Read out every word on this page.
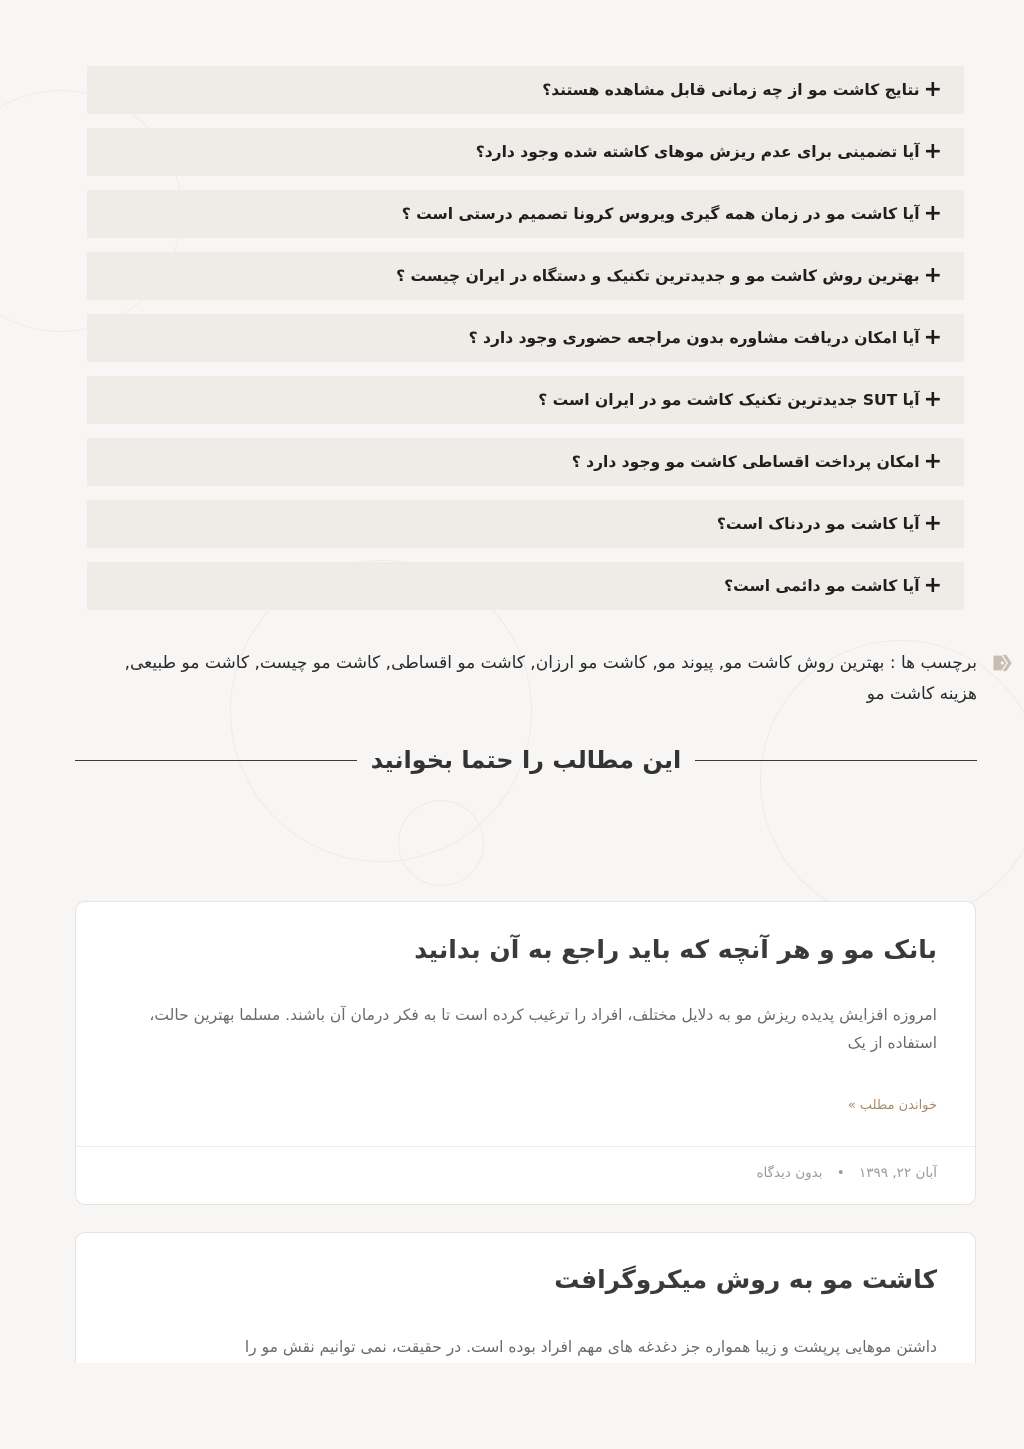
+
نتایج کاشت مو از چه زمانی قابل مشاهده هستند؟
+
آیا تضمینی برای عدم ریزش موهای کاشته شده وجود دارد؟
+
آیا کاشت مو در زمان همه گیری ویروس کرونا تصمیم درستی است ؟
+
بهترین روش کاشت مو و جدیدترین تکنیک و دستگاه در ایران چیست ؟
+
آیا امکان دریافت مشاوره بدون مراجعه حضوری وجود دارد ؟
+
آیا SUT جدیدترین تکنیک کاشت مو در ایران است ؟
+
امکان پرداخت اقساطی کاشت مو وجود دارد ؟
+
آیا کاشت مو دردناک است؟
+
آیا کاشت مو دائمی است؟
برچسب ها : بهترین روش کاشت مو, پیوند مو, کاشت مو ارزان, کاشت مو اقساطی, کاشت مو چیست, کاشت مو طبیعی, هزینه کاشت مو
این مطالب را حتما بخوانید
بانک مو و هر آنچه که باید راجع به آن بدانید
امروزه افزایش پدیده ریزش مو به دلایل مختلف، افراد را ترغیب کرده است تا به فکر درمان آن باشند. مسلما بهترین حالت، استفاده از یک
خواندن مطلب »
آبان ۲۲, ۱۳۹۹ • بدون دیدگاه
کاشت مو به روش میکروگرافت
داشتن موهایی پرپشت و زیبا همواره جز دغدغه های مهم افراد بوده است. در حقیقت، نمی توانیم نقش مو را
